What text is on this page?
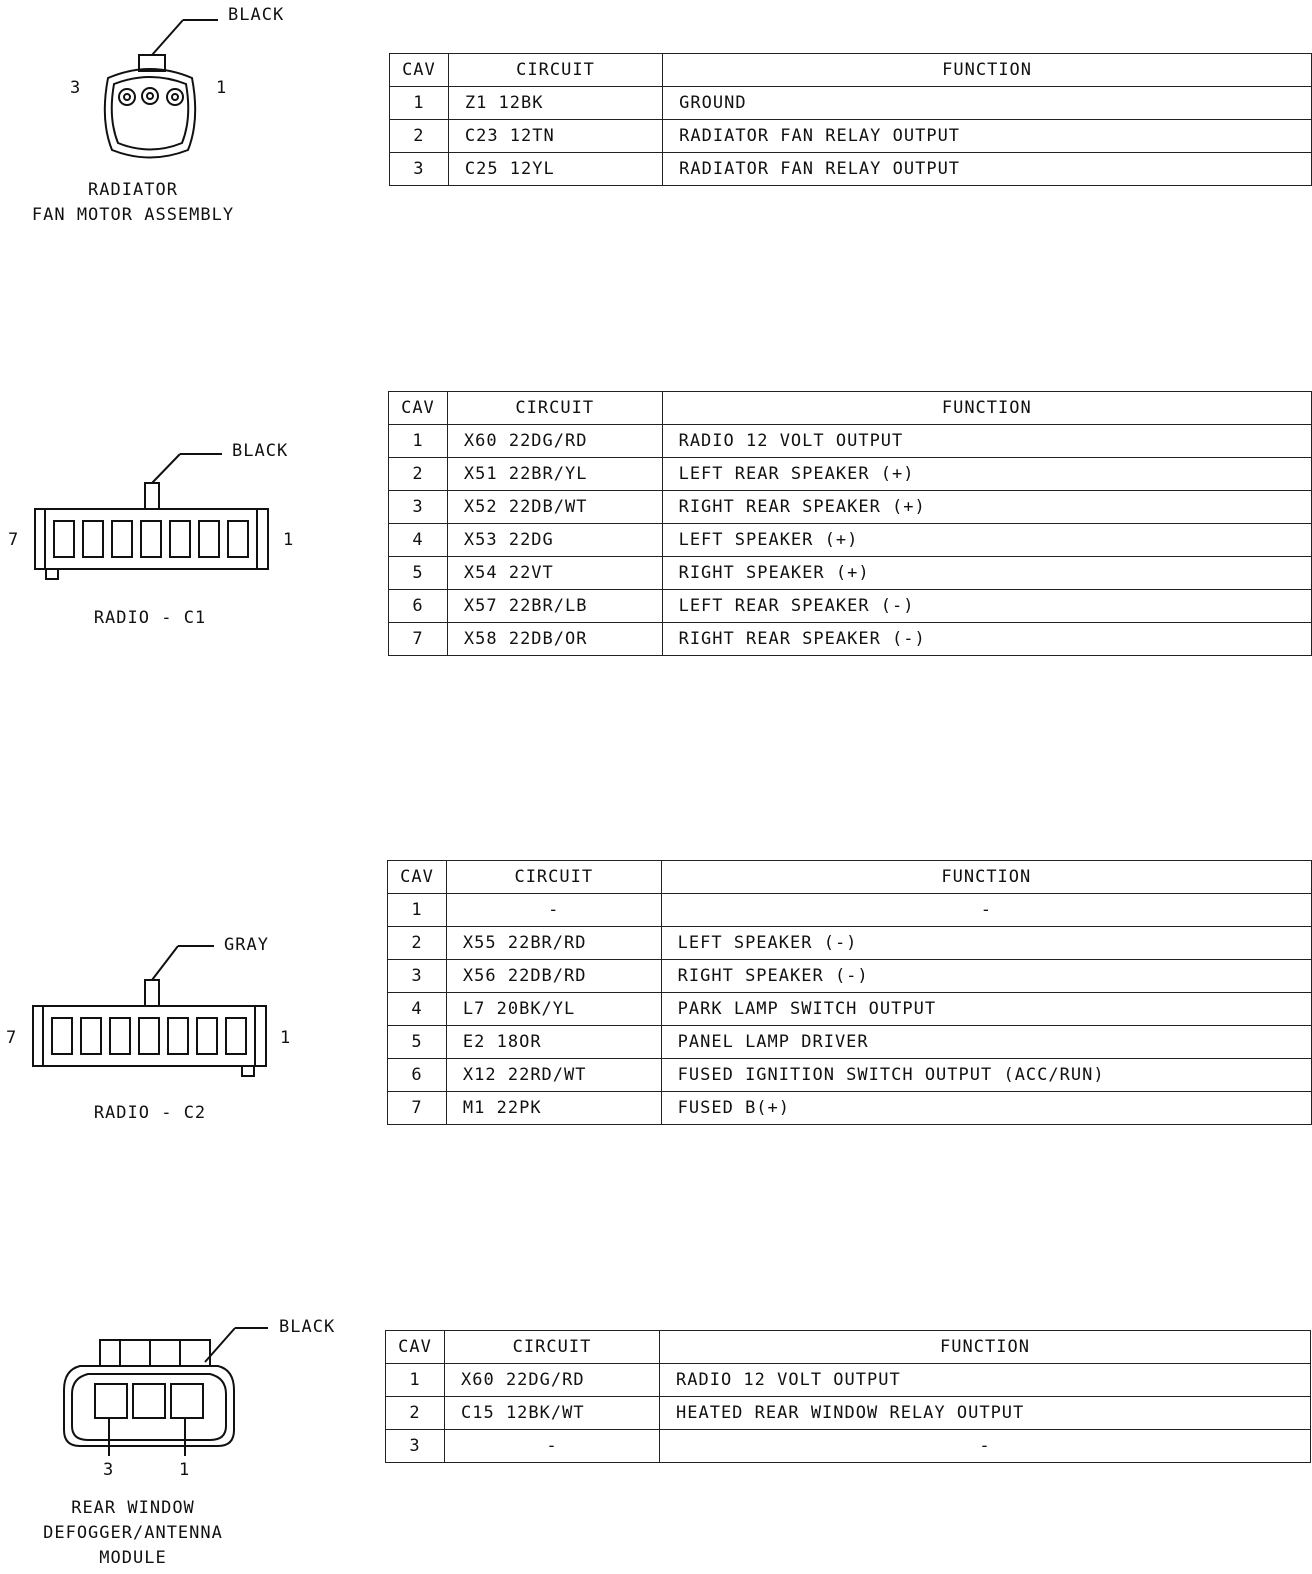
BLACK
3	1
RADIATOR
FAN MOTOR ASSEMBLY
BLACK
7	1
RADIO - C1
GRAY
7	1
RADIO - C2
BLACK
3	1
REAR WINDOW
DEFOGGER/ANTENNA
MODULE
CAV	CIRCUIT	FUNCTION
1	Z1 12BK	GROUND
2	C23 12TN	RADIATOR FAN RELAY OUTPUT
3	C25 12YL	RADIATOR FAN RELAY OUTPUT
CAV	CIRCUIT	FUNCTION
1	X60 22DG/RD	RADIO 12 VOLT OUTPUT
2	X51 22BR/YL	LEFT REAR SPEAKER (+)
3	X52 22DB/WT	RIGHT REAR SPEAKER (+)
4	X53 22DG	LEFT SPEAKER (+)
5	X54 22VT	RIGHT SPEAKER (+)
6	X57 22BR/LB	LEFT REAR SPEAKER (-)
7	X58 22DB/OR	RIGHT REAR SPEAKER (-)
CAV	CIRCUIT	FUNCTION
1	-	-
2	X55 22BR/RD	LEFT SPEAKER (-)
3	X56 22DB/RD	RIGHT SPEAKER (-)
4	L7 20BK/YL	PARK LAMP SWITCH OUTPUT
5	E2 18OR	PANEL LAMP DRIVER
6	X12 22RD/WT	FUSED IGNITION SWITCH OUTPUT (ACC/RUN)
7	M1 22PK	FUSED B(+)
CAV	CIRCUIT	FUNCTION
1	X60 22DG/RD	RADIO 12 VOLT OUTPUT
2	C15 12BK/WT	HEATED REAR WINDOW RELAY OUTPUT
3	-	-
